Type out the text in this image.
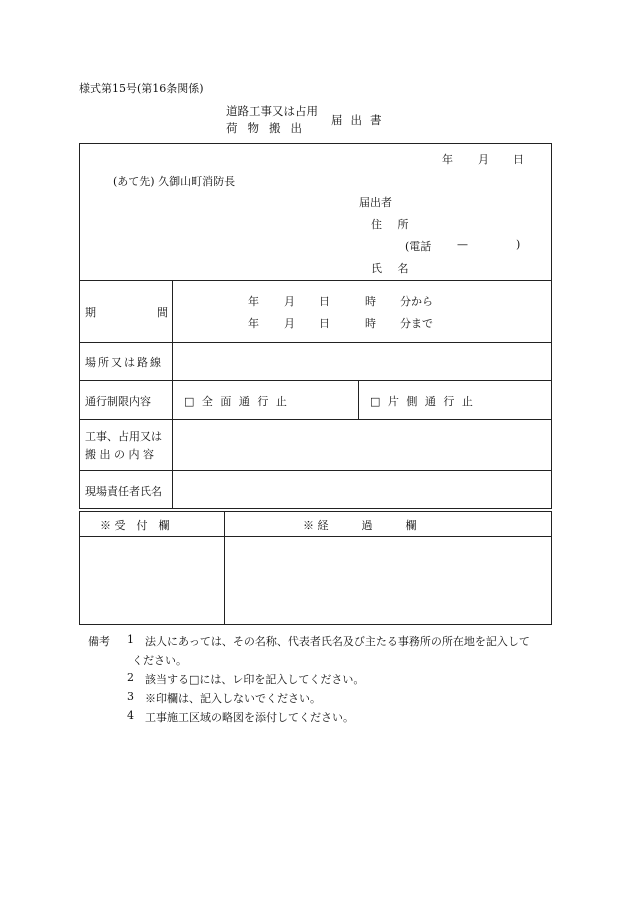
様式第15号(第16条関係)
道路工事又は占用
荷物搬出
届出書
年 月 日
(あて先) 久御山町消防長
届出者
住 所
(電話 —	)
氏 名
期	間
年 月 日	時 分から
年 月 日	時 分まで
場所又は路線
通行制限内容	□ 全 面 通 行 止	□ 片 側 通 行 止
工事、占用又は
搬 出 の 内 容
現場責任者氏名
※ 受　付　欄	※ 経　　　過　　　欄
備考 1 法人にあっては、その名称、代表者氏名及び主たる事務所の所在地を記入して
ください。
2 該当する□には、レ印を記入してください。
3 ※印欄は、記入しないでください。
4 工事施工区域の略図を添付してください。
